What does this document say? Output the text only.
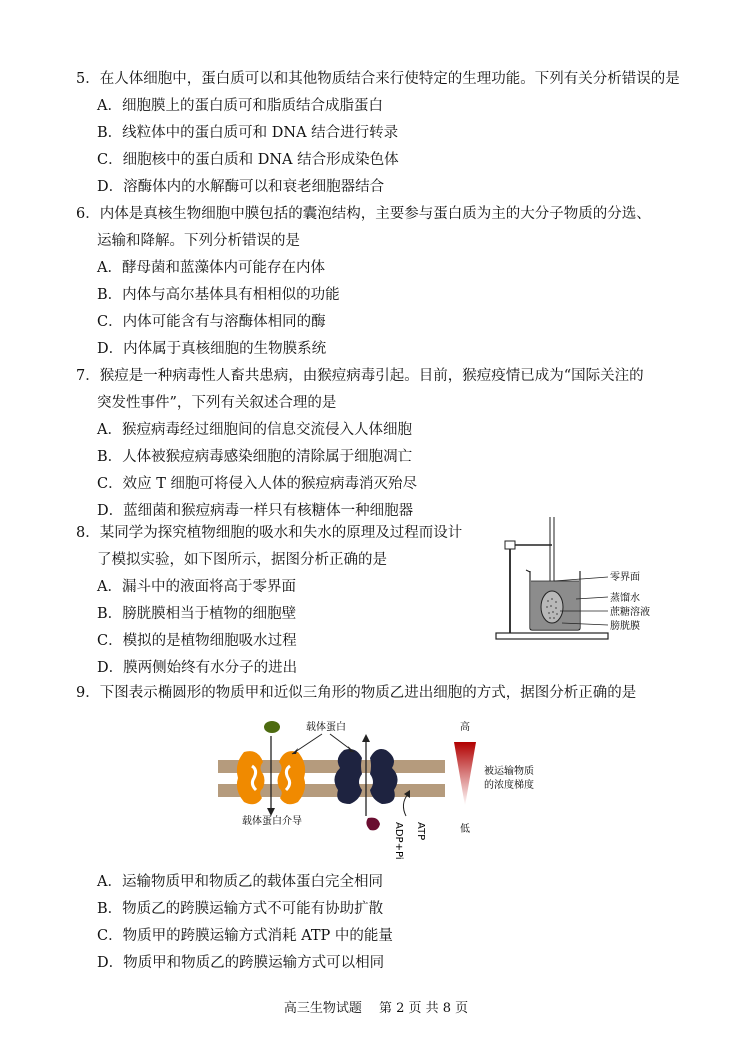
5．在人体细胞中，蛋白质可以和其他物质结合来行使特定的生理功能。下列有关分析错误的是
A．细胞膜上的蛋白质可和脂质结合成脂蛋白
B．线粒体中的蛋白质可和 DNA 结合进行转录
C．细胞核中的蛋白质和 DNA 结合形成染色体
D．溶酶体内的水解酶可以和衰老细胞器结合
6．内体是真核生物细胞中膜包括的囊泡结构，主要参与蛋白质为主的大分子物质的分选、
运输和降解。下列分析错误的是
A．酵母菌和蓝藻体内可能存在内体
B．内体与高尔基体具有相相似的功能
C．内体可能含有与溶酶体相同的酶
D．内体属于真核细胞的生物膜系统
7．猴痘是一种病毒性人畜共患病，由猴痘病毒引起。目前，猴痘疫情已成为“国际关注的
突发性事件”，下列有关叙述合理的是
A．猴痘病毒经过细胞间的信息交流侵入人体细胞
B．人体被猴痘病毒感染细胞的清除属于细胞凋亡
C．效应 T 细胞可将侵入人体的猴痘病毒消灭殆尽
D．蓝细菌和猴痘病毒一样只有核糖体一种细胞器
8．某同学为探究植物细胞的吸水和失水的原理及过程而设计
了模拟实验，如下图所示，据图分析正确的是
A．漏斗中的液面将高于零界面
B．膀胱膜相当于植物的细胞壁
C．模拟的是植物细胞吸水过程
D．膜两侧始终有水分子的进出
零界面
蒸馏水
蔗糖溶液
膀胱膜
9．下图表示椭圆形的物质甲和近似三角形的物质乙进出细胞的方式，据图分析正确的是
载体蛋白
载体蛋白介导
ATP
ADP+Pi
高
低
被运输物质
的浓度梯度
A．运输物质甲和物质乙的载体蛋白完全相同
B．物质乙的跨膜运输方式不可能有协助扩散
C．物质甲的跨膜运输方式消耗 ATP 中的能量
D．物质甲和物质乙的跨膜运输方式可以相同
高三生物试题　 第 2 页 共 8 页
